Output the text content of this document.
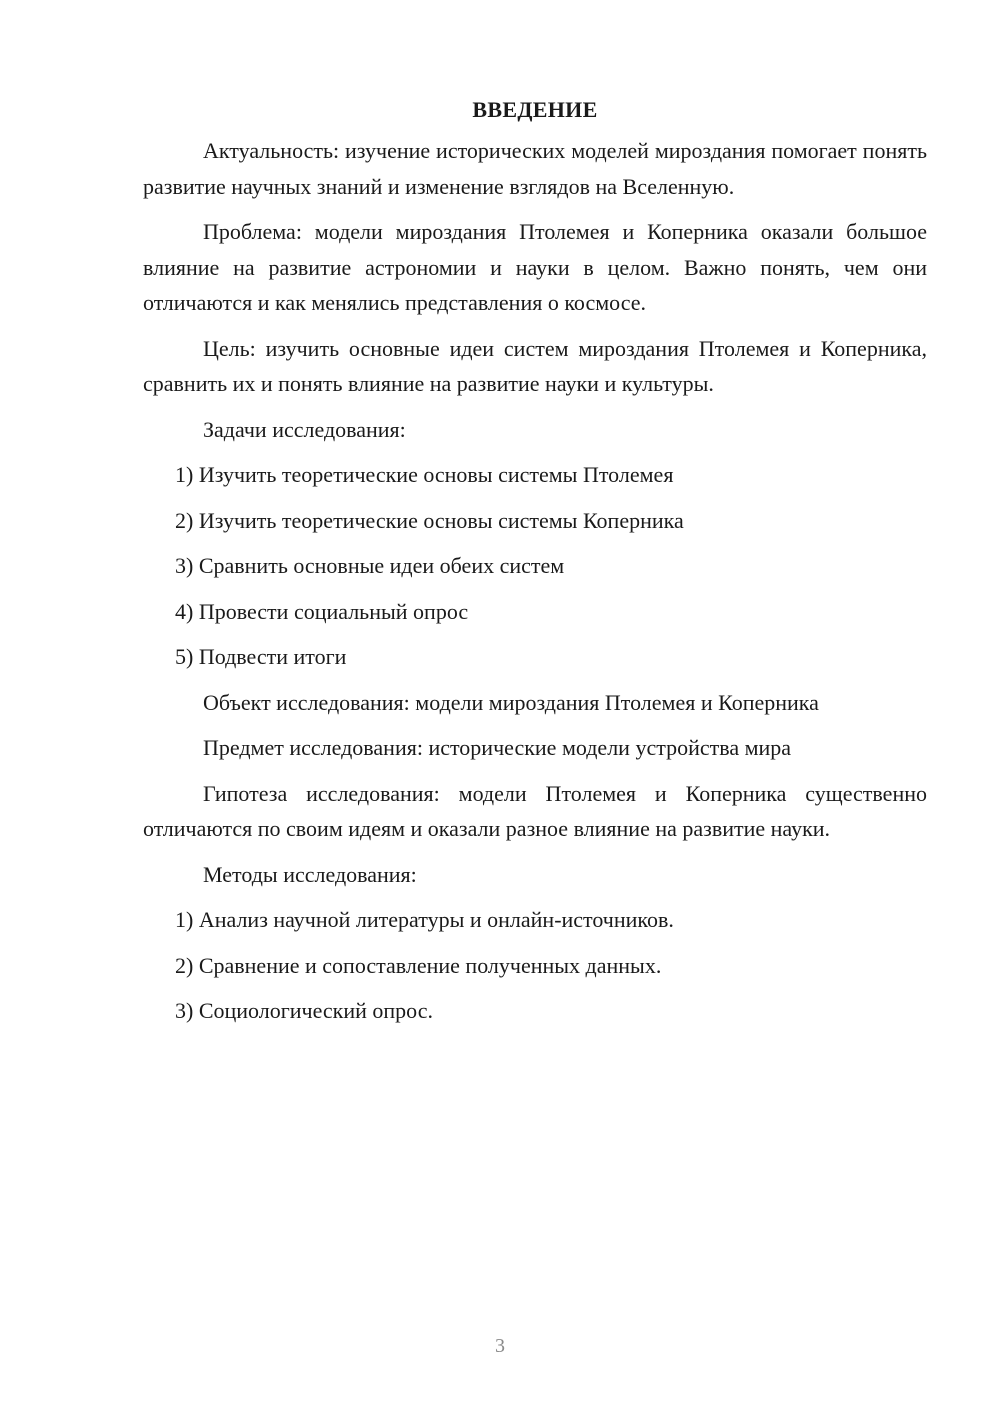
ВВЕДЕНИЕ

Актуальность: изучение исторических моделей мироздания помогает понять развитие научных знаний и изменение взглядов на Вселенную.

Проблема: модели мироздания Птолемея и Коперника оказали большое влияние на развитие астрономии и науки в целом. Важно понять, чем они отличаются и как менялись представления о космосе.

Цель: изучить основные идеи систем мироздания Птолемея и Коперника, сравнить их и понять влияние на развитие науки и культуры.

Задачи исследования:

1) Изучить теоретические основы системы Птолемея

2) Изучить теоретические основы системы Коперника

3) Сравнить основные идеи обеих систем

4) Провести социальный опрос

5) Подвести итоги

Объект исследования: модели мироздания Птолемея и Коперника

Предмет исследования: исторические модели устройства мира

Гипотеза исследования: модели Птолемея и Коперника существенно отличаются по своим идеям и оказали разное влияние на развитие науки.

Методы исследования:

1) Анализ научной литературы и онлайн-источников.

2) Сравнение и сопоставление полученных данных.

3) Социологический опрос.

3
